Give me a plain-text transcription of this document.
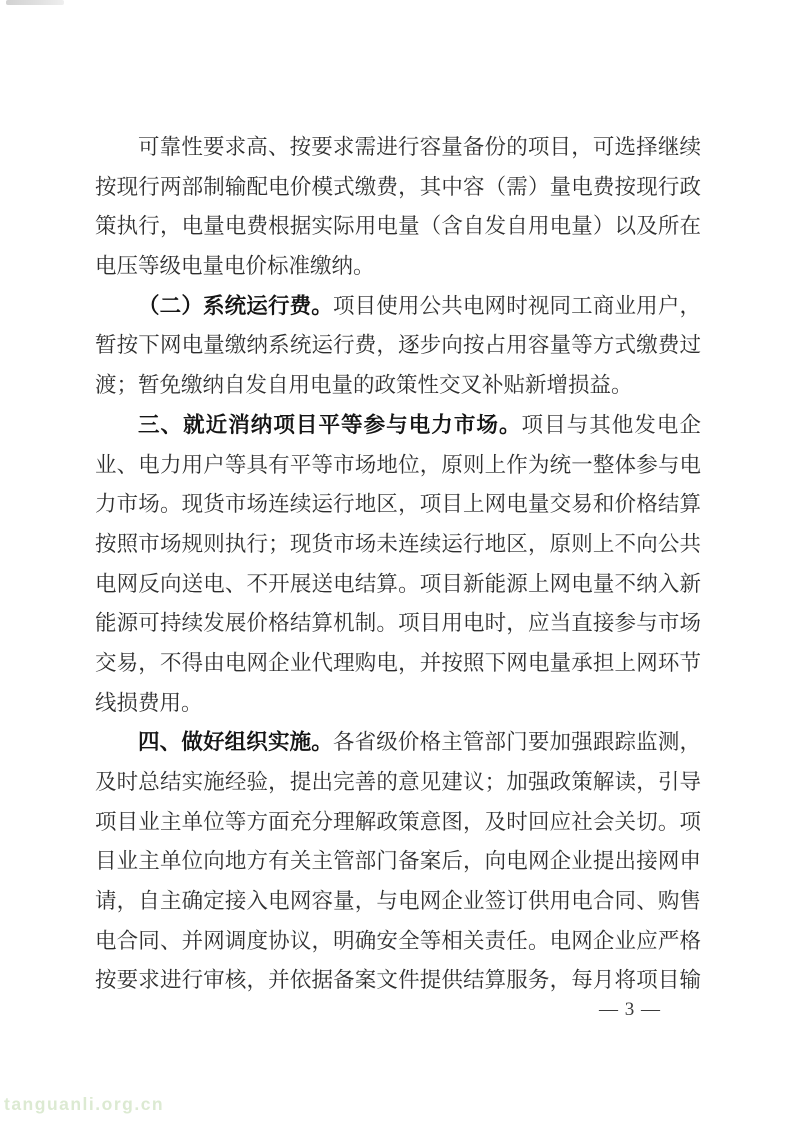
可靠性要求高、按要求需进行容量备份的项目，可选择继续
按现行两部制输配电价模式缴费，其中容（需）量电费按现行政
策执行，电量电费根据实际用电量（含自发自用电量）以及所在
电压等级电量电价标准缴纳。
（二）系统运行费。项目使用公共电网时视同工商业用户，
暂按下网电量缴纳系统运行费，逐步向按占用容量等方式缴费过
渡；暂免缴纳自发自用电量的政策性交叉补贴新增损益。
三、就近消纳项目平等参与电力市场。项目与其他发电企
业、电力用户等具有平等市场地位，原则上作为统一整体参与电
力市场。现货市场连续运行地区，项目上网电量交易和价格结算
按照市场规则执行；现货市场未连续运行地区，原则上不向公共
电网反向送电、不开展送电结算。项目新能源上网电量不纳入新
能源可持续发展价格结算机制。项目用电时，应当直接参与市场
交易，不得由电网企业代理购电，并按照下网电量承担上网环节
线损费用。
四、做好组织实施。各省级价格主管部门要加强跟踪监测，
及时总结实施经验，提出完善的意见建议；加强政策解读，引导
项目业主单位等方面充分理解政策意图，及时回应社会关切。项
目业主单位向地方有关主管部门备案后，向电网企业提出接网申
请，自主确定接入电网容量，与电网企业签订供用电合同、购售
电合同、并网调度协议，明确安全等相关责任。电网企业应严格
按要求进行审核，并依据备案文件提供结算服务，每月将项目输
— 3 —
tanguanli.org.cn
